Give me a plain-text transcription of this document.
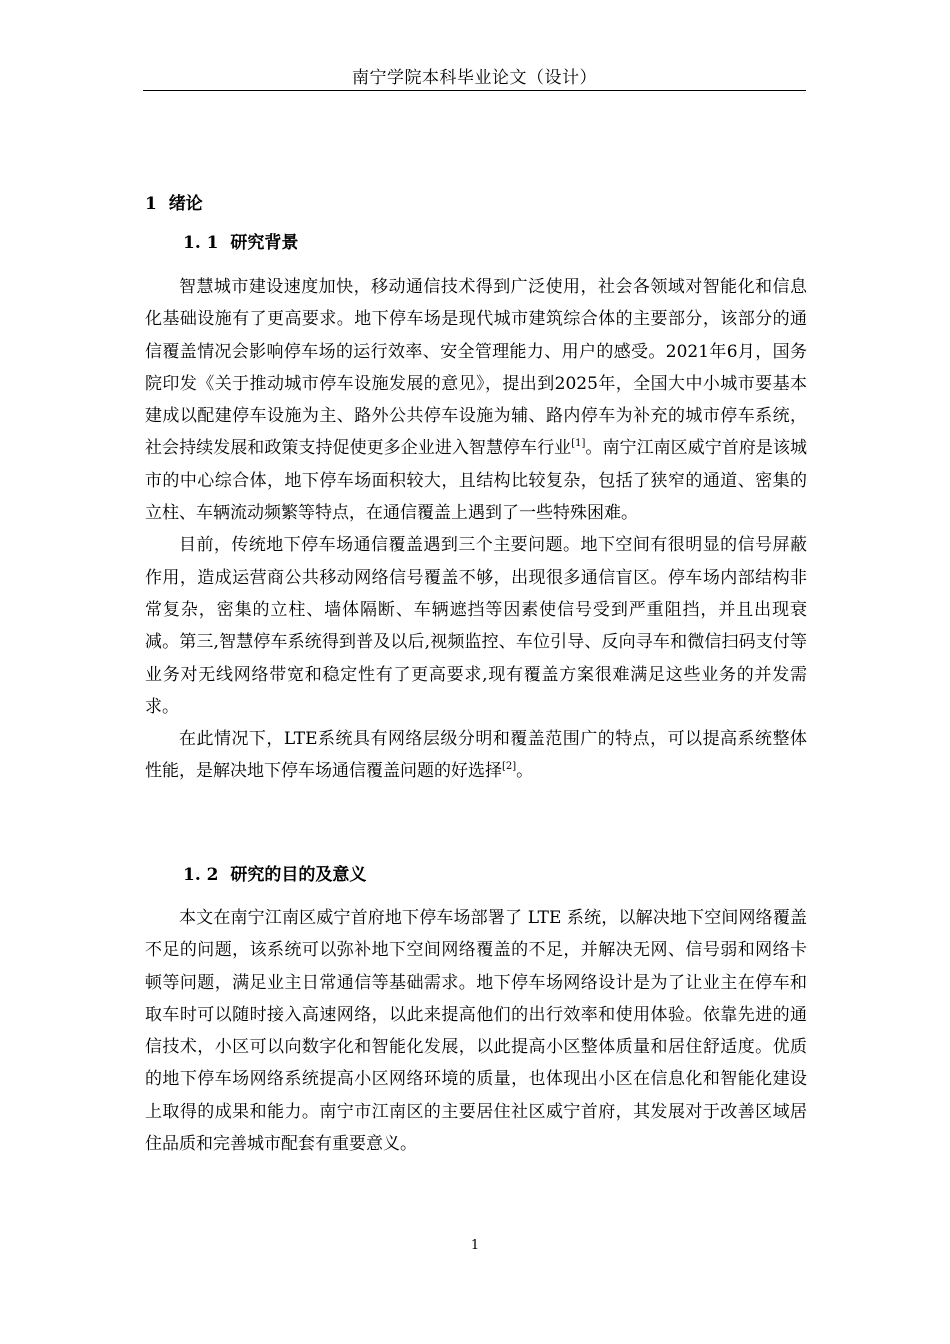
南宁学院本科毕业论文（设计）
1 绪论
1. 1 研究背景

智慧城市建设速度加快，移动通信技术得到广泛使用，社会各领域对智能化和信息化基础设施有了更高要求。地下停车场是现代城市建筑综合体的主要部分，该部分的通信覆盖情况会影响停车场的运行效率、安全管理能力、用户的感受。2021年6月，国务院印发《关于推动城市停车设施发展的意见》，提出到2025年，全国大中小城市要基本建成以配建停车设施为主、路外公共停车设施为辅、路内停车为补充的城市停车系统，社会持续发展和政策支持促使更多企业进入智慧停车行业[1]。南宁江南区威宁首府是该城市的中心综合体，地下停车场面积较大，且结构比较复杂，包括了狭窄的通道、密集的立柱、车辆流动频繁等特点，在通信覆盖上遇到了一些特殊困难。

目前，传统地下停车场通信覆盖遇到三个主要问题。地下空间有很明显的信号屏蔽作用，造成运营商公共移动网络信号覆盖不够，出现很多通信盲区。停车场内部结构非常复杂，密集的立柱、墙体隔断、车辆遮挡等因素使信号受到严重阻挡，并且出现衰减。第三,智慧停车系统得到普及以后,视频监控、车位引导、反向寻车和微信扫码支付等业务对无线网络带宽和稳定性有了更高要求,现有覆盖方案很难满足这些业务的并发需求。

在此情况下，LTE系统具有网络层级分明和覆盖范围广的特点，可以提高系统整体性能，是解决地下停车场通信覆盖问题的好选择[2]。

1. 2 研究的目的及意义

本文在南宁江南区威宁首府地下停车场部署了 LTE 系统，以解决地下空间网络覆盖不足的问题，该系统可以弥补地下空间网络覆盖的不足，并解决无网、信号弱和网络卡顿等问题，满足业主日常通信等基础需求。地下停车场网络设计是为了让业主在停车和取车时可以随时接入高速网络，以此来提高他们的出行效率和使用体验。依靠先进的通信技术，小区可以向数字化和智能化发展，以此提高小区整体质量和居住舒适度。优质的地下停车场网络系统提高小区网络环境的质量，也体现出小区在信息化和智能化建设上取得的成果和能力。南宁市江南区的主要居住社区威宁首府，其发展对于改善区域居住品质和完善城市配套有重要意义。

1
